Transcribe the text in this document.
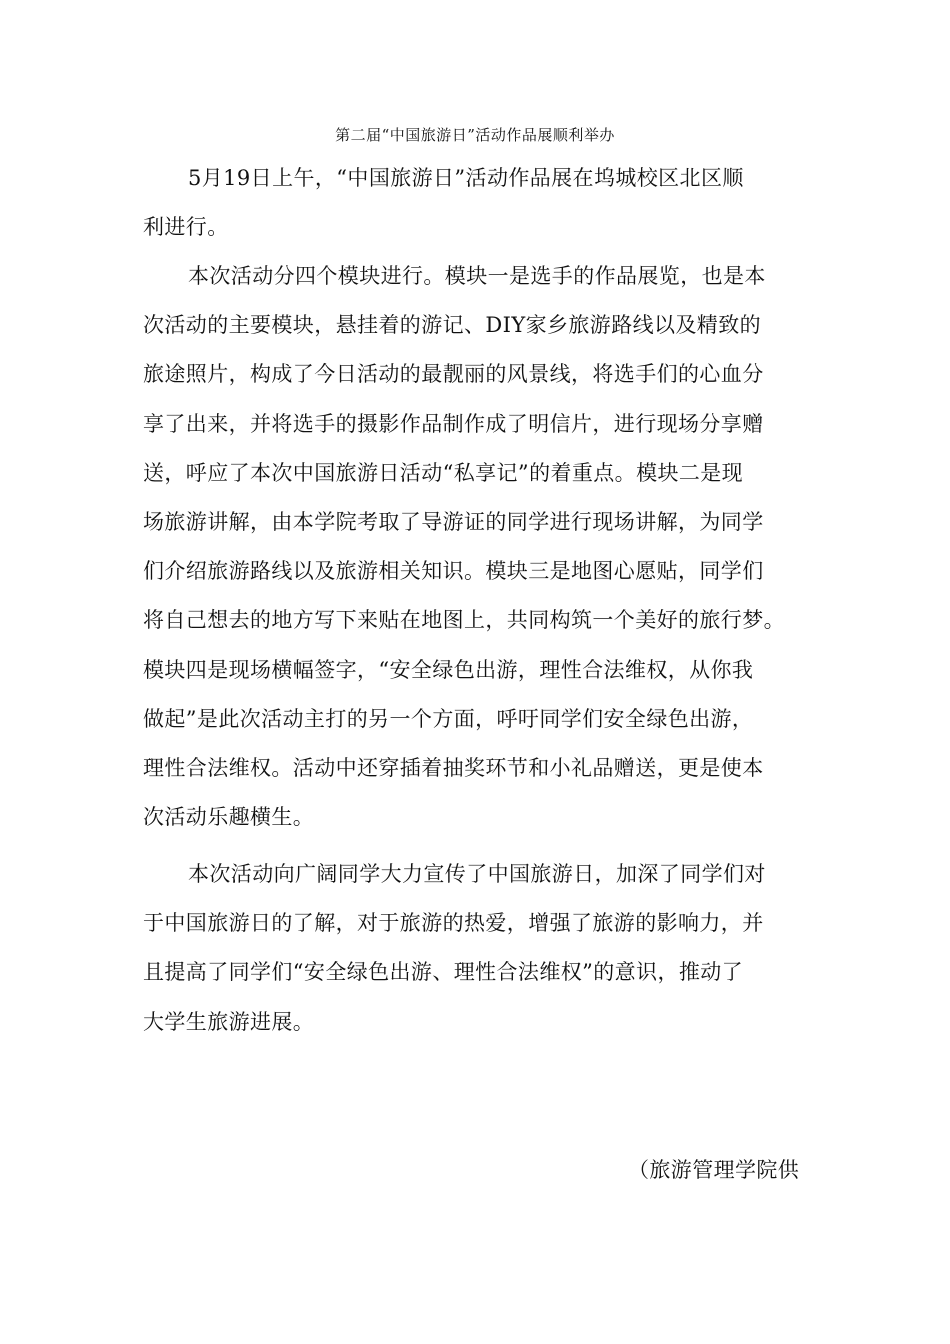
第二届“中国旅游日”活动作品展顺利举办
5月19日上午，“中国旅游日”活动作品展在坞城校区北区顺
利进行。
本次活动分四个模块进行。模块一是选手的作品展览，也是本
次活动的主要模块，悬挂着的游记、DIY家乡旅游路线以及精致的
旅途照片，构成了今日活动的最靓丽的风景线，将选手们的心血分
享了出来，并将选手的摄影作品制作成了明信片，进行现场分享赠
送，呼应了本次中国旅游日活动“私享记”的着重点。模块二是现
场旅游讲解，由本学院考取了导游证的同学进行现场讲解，为同学
们介绍旅游路线以及旅游相关知识。模块三是地图心愿贴，同学们
将自己想去的地方写下来贴在地图上，共同构筑一个美好的旅行梦。
模块四是现场横幅签字，“安全绿色出游，理性合法维权，从你我
做起”是此次活动主打的另一个方面，呼吁同学们安全绿色出游，
理性合法维权。活动中还穿插着抽奖环节和小礼品赠送，更是使本
次活动乐趣横生。
本次活动向广阔同学大力宣传了中国旅游日，加深了同学们对
于中国旅游日的了解，对于旅游的热爱，增强了旅游的影响力，并
且提高了同学们“安全绿色出游、理性合法维权”的意识，推动了
大学生旅游进展。
（旅游管理学院供
